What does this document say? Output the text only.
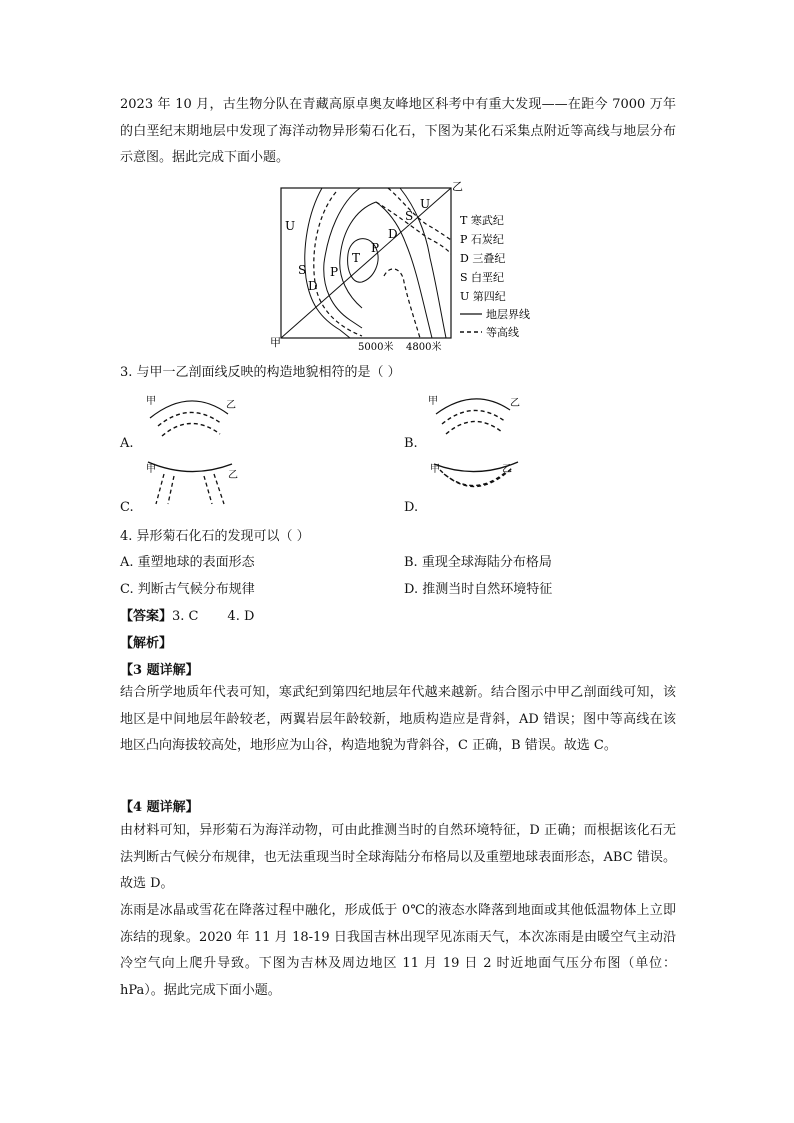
2023 年 10 月，古生物分队在青藏高原卓奥友峰地区科考中有重大发现——在距今 7000 万年的白垩纪末期地层中发现了海洋动物异形菊石化石，下图为某化石采集点附近等高线与地层分布示意图。据此完成下面小题。

甲
乙
U
S
D
P
T
P
D
S
U
5000米 4800米
T 寒武纪
P 石炭纪
D 三叠纪
S 白垩纪
U 第四纪
地层界线
等高线

3. 与甲一乙剖面线反映的构造地貌相符的是（ ）

甲	乙

A.

甲	乙

B.

甲
乙

C.

甲	乙

D.

4. 异形菊石化石的发现可以（ ）

A. 重塑地球的表面形态	B. 重现全球海陆分布格局

C. 判断古气候分布规律	D. 推测当时自然环境特征

【答案】3. C       4. D

【解析】

【3 题详解】

结合所学地质年代表可知，寒武纪到第四纪地层年代越来越新。结合图示中甲乙剖面线可知，该地区是中间地层年龄较老，两翼岩层年龄较新，地质构造应是背斜，AD 错误；图中等高线在该地区凸向海拔较高处，地形应为山谷，构造地貌为背斜谷，C 正确，B 错误。故选 C。

【4 题详解】

由材料可知，异形菊石为海洋动物，可由此推测当时的自然环境特征，D 正确；而根据该化石无法判断古气候分布规律，也无法重现当时全球海陆分布格局以及重塑地球表面形态，ABC 错误。故选 D。

冻雨是冰晶或雪花在降落过程中融化，形成低于 0℃的液态水降落到地面或其他低温物体上立即冻结的现象。2020 年 11 月 18-19 日我国吉林出现罕见冻雨天气，本次冻雨是由暖空气主动沿冷空气向上爬升导致。下图为吉林及周边地区 11 月 19 日 2 时近地面气压分布图（单位：hPa）。据此完成下面小题。
